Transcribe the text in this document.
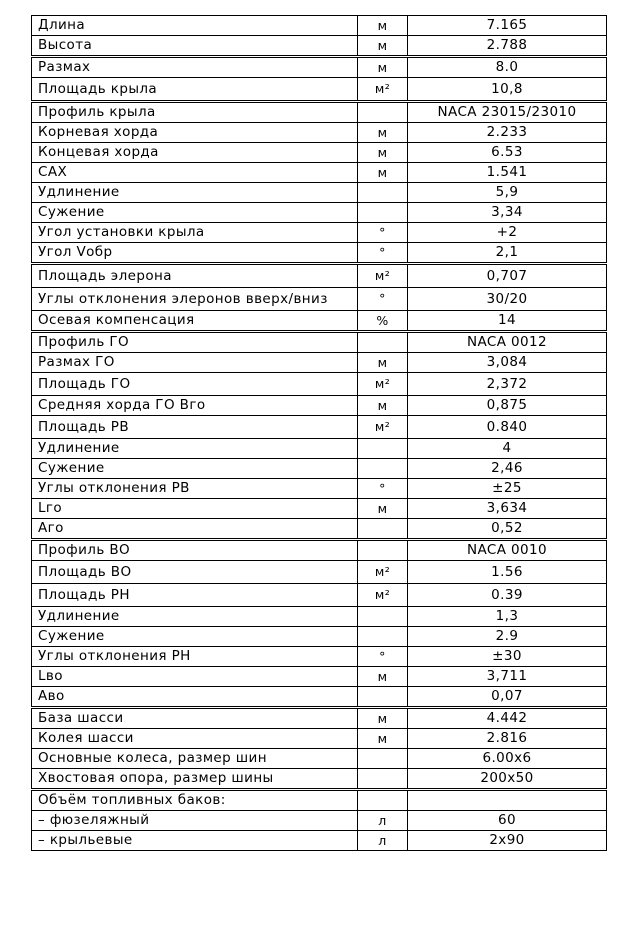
Длина	м	7.165
Высота	м	2.788
Размах	м	8.0
Площадь крыла	м²	10,8
Профиль крыла		NACA 23015/23010
Корневая хорда	м	2.233
Концевая хорда	м	6.53
САХ	м	1.541
Удлинение		5,9
Сужение		3,34
Угол установки крыла	°	+2
Угол Vобр	°	2,1
Площадь элерона	м²	0,707
Углы отклонения элеронов вверх/вниз	°	30/20
Осевая компенсация	%	14
Профиль ГО		NACA 0012
Размах ГО	м	3,084
Площадь ГО	м²	2,372
Средняя хорда ГО Вго	м	0,875
Площадь РВ	м²	0.840
Удлинение		4
Сужение		2,46
Углы отклонения РВ	°	±25
Lго	м	3,634
Аго		0,52
Профиль ВО		NACA 0010
Площадь ВО	м²	1.56
Площадь РН	м²	0.39
Удлинение		1,3
Сужение		2.9
Углы отклонения РН	°	±30
Lво	м	3,711
Аво		0,07
База шасси	м	4.442
Колея шасси	м	2.816
Основные колеса, размер шин		6.00x6
Хвостовая опора, размер шины		200x50
Объём топливных баков:		
– фюзеляжный	л	60
– крыльевые	л	2x90
